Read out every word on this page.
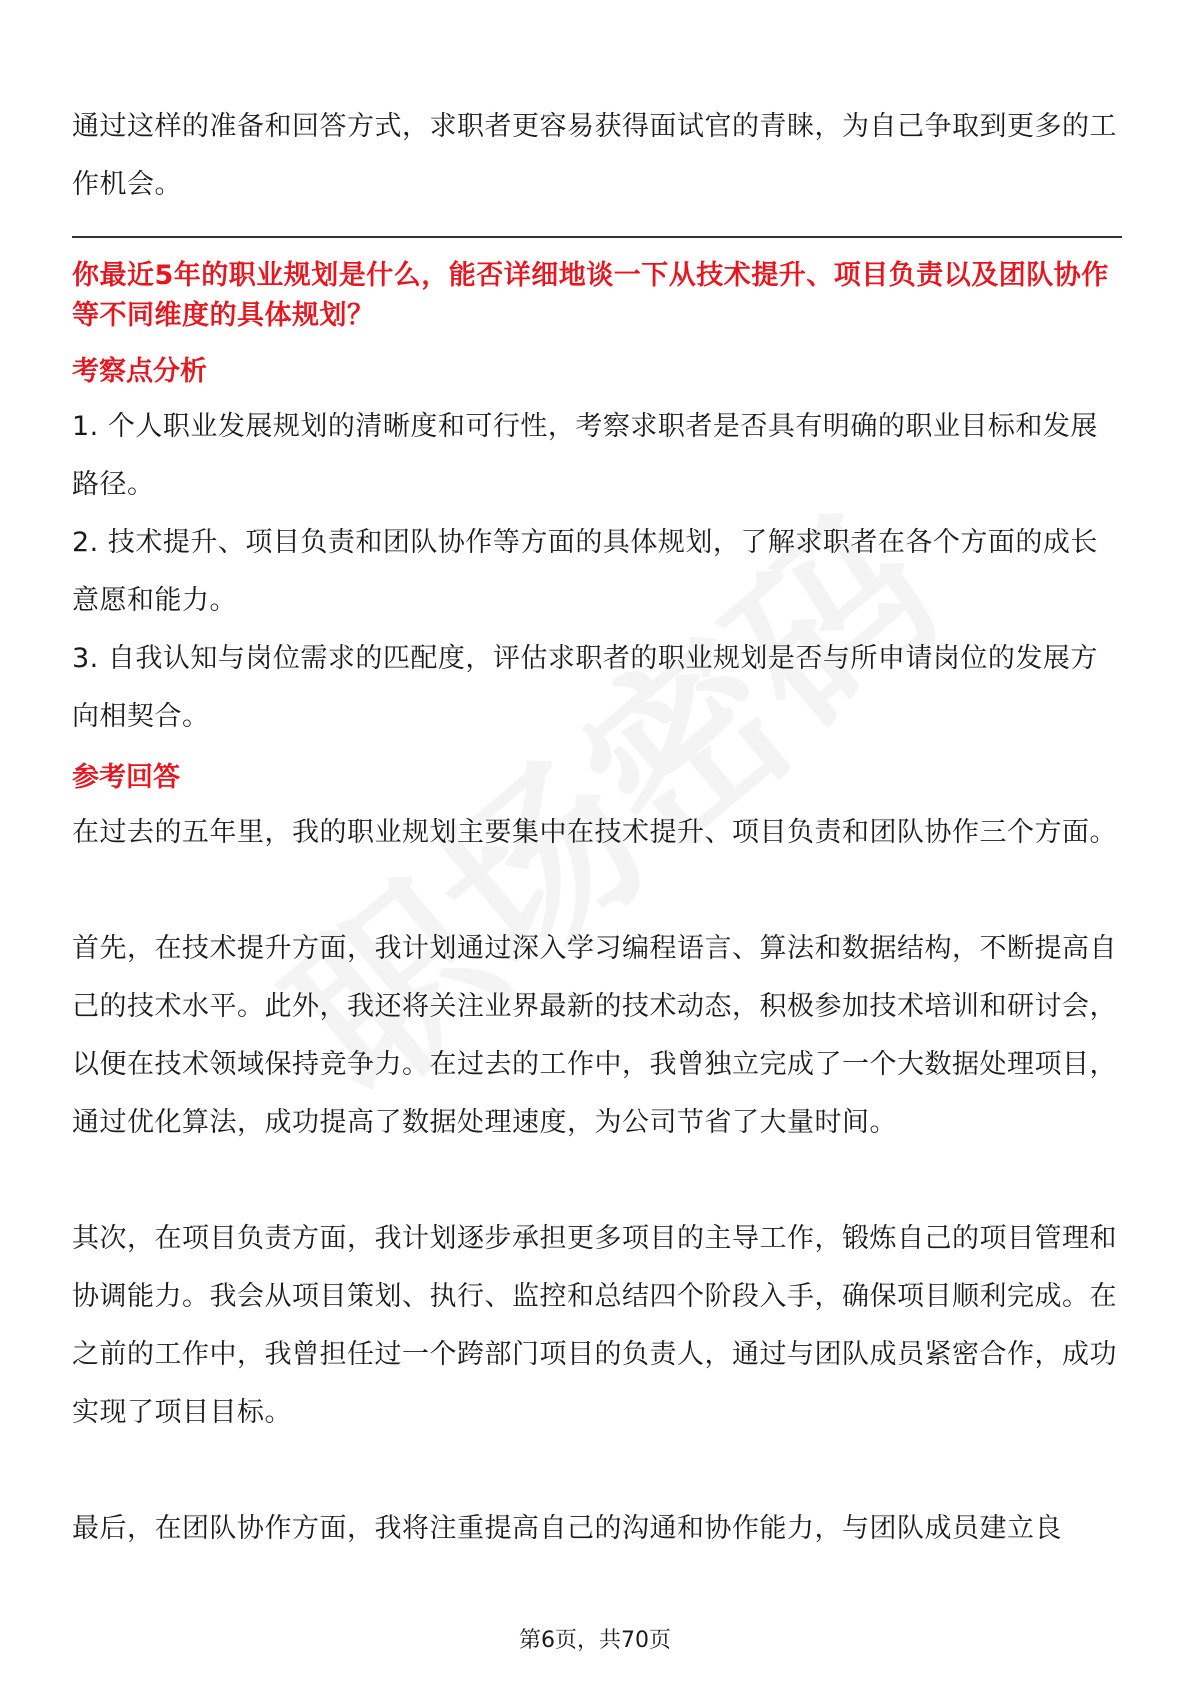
通过这样的准备和回答方式，求职者更容易获得面试官的青睐，为自己争取到更多的工作机会。

你最近5年的职业规划是什么，能否详细地谈一下从技术提升、项目负责以及团队协作等不同维度的具体规划？

考察点分析

1. 个人职业发展规划的清晰度和可行性，考察求职者是否具有明确的职业目标和发展路径。

2. 技术提升、项目负责和团队协作等方面的具体规划，了解求职者在各个方面的成长意愿和能力。

3. 自我认知与岗位需求的匹配度，评估求职者的职业规划是否与所申请岗位的发展方向相契合。

参考回答

在过去的五年里，我的职业规划主要集中在技术提升、项目负责和团队协作三个方面。

首先，在技术提升方面，我计划通过深入学习编程语言、算法和数据结构，不断提高自己的技术水平。此外，我还将关注业界最新的技术动态，积极参加技术培训和研讨会，以便在技术领域保持竞争力。在过去的工作中，我曾独立完成了一个大数据处理项目，通过优化算法，成功提高了数据处理速度，为公司节省了大量时间。

其次，在项目负责方面，我计划逐步承担更多项目的主导工作，锻炼自己的项目管理和协调能力。我会从项目策划、执行、监控和总结四个阶段入手，确保项目顺利完成。在之前的工作中，我曾担任过一个跨部门项目的负责人，通过与团队成员紧密合作，成功实现了项目目标。

最后，在团队协作方面，我将注重提高自己的沟通和协作能力，与团队成员建立良

第6页，共70页
